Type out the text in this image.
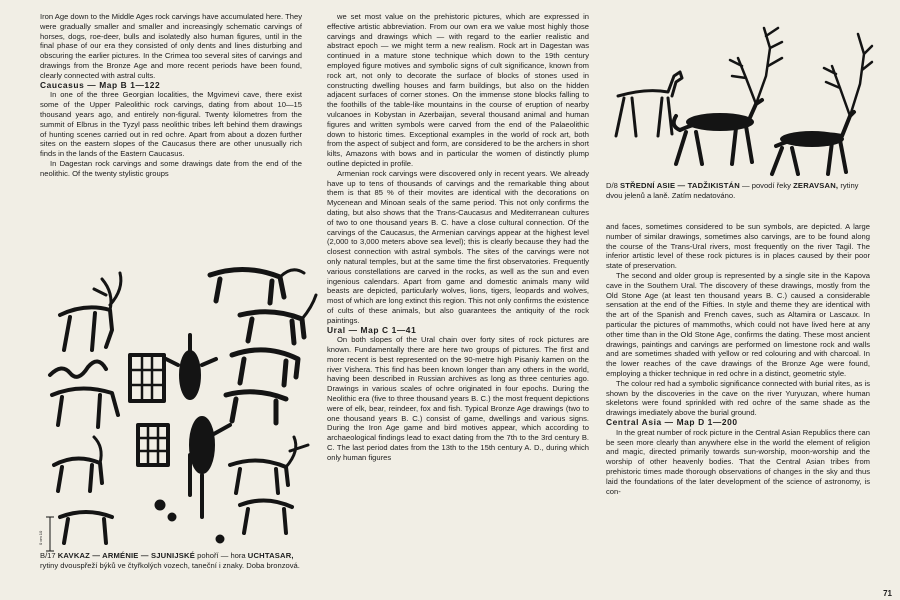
Iron Age down to the Middle Ages rock carvings have accumulated here. They were gradually smaller and smaller and increasingly schematic carvings of horses, dogs, roe-deer, bulls and isolatedly also human figures, until in the final phase of our era they consisted of only dents and lines disturbing and obscuring the earlier pictures. In the Crimea too several sites of carvings and drawings from the Bronze Age and more recent periods have been found, clearly connected with astral cults.

Caucasus — Map B 1—122

In one of the three Georgian localities, the Mgvimevi cave, there exist some of the Upper Paleolithic rock carvings, dating from about 10—15 thousand years ago, and entirely non-figural. Twenty kilometres from the summit of Elbrus in the Tyzyl pass neolithic tribes left behind them drawings of hunting scenes carried out in red ochre. Apart from about a dozen further sites on the eastern slopes of the Caucasus there are other unusually rich finds in the lands of the Eastern Caucasus.

In Dagestan rock carvings and some drawings date from the end of the neolithic. Of the twenty stylistic groups

0 cm 10
B/17 KAVKAZ — ARMÉNIE — SJUNIJSKÉ pohoří — hora UCHTASAR, rytiny dvouspřeží býků ve čtyřkolých vozech, taneční i znaky. Doba bronzová.

we set most value on the prehistoric pictures, which are expressed in effective artistic abbreviation. From our own era we value most highly those carvings and drawings which — with regard to the earlier realistic and abstract epoch — we might term a new realism. Rock art in Dagestan was continued in a mature stone technique which down to the 19th century employed figure motives and symbolic signs of cult significance, known from rock art, not only to decorate the surface of blocks of stones used in constructing dwelling houses and farm buildings, but also on the hidden adjacent surfaces of corner stones. On the immense stone blocks falling to the foothills of the table-like mountains in the course of eruption of nearby vulcanoes in Kobystan in Azerbaijan, several thousand animal and human figures and written symbols were carved from the end of the Palaeolithic down to historic times. Exceptional examples in the world of rock art, both from the aspect of subject and form, are considered to be the archers in short kilts, Amazons with bows and in particular the women of distinctly plump outline depicted in profile.

Armenian rock carvings were discovered only in recent years. We already have up to tens of thousands of carvings and the remarkable thing about them is that 85 % of their movites are identical with the decorations on Mycenean and Minoan seals of the same period. This not only confirms the dating, but also shows that the Trans-Caucasus and Mediterranean cultures of two to one thousand years B. C. have a close cultural connection. Of the carvings of the Caucasus, the Armenian carvings appear at the highest level (2,000 to 3,000 meters above sea level); this is clearly because they had the closest connection with astral symbols. The sites of the carvings were not only natural temples, but at the same time the first observatories. Frequently various constellations are carved in the rocks, as well as the sun and even ingenious calendars. Apart from game and domestic animals many wild beasts are depicted, particularly wolves, lions, tigers, leopards and wolves, most of which are long extinct this region. This not only confirms the existence of cults of these animals, but also guarantees the antiquity of the rock paintings.

Ural — Map C 1—41

On both slopes of the Ural chain over forty sites of rock pictures are known. Fundamentally there are here two groups of pictures. The first and more recent is best represented on the 90-metre high Pisaniy kamen on the river Vishera. This find has been known longer than any others in the world, having been described in Russian archives as long as three centuries ago. Drawings in various scales of ochre originated in four epochs. During the Neolithic era (five to three thousand years B. C.) the most frequent depictions were of elk, bear, reindeer, fox and fish. Typical Bronze Age drawings (two to one thousand years B. C.) consist of game, dwellings and various signs. During the Iron Age game and bird motives appear, which according to archaeological findings lead to exact dating from the 7th to the 3rd century B. C. The last period dates from the 13th to the 15th century A. D., during which only human figures

D/8 STŘEDNÍ ASIE — TADŽIKISTÁN — povodí řeky ZERAVSAN, rytiny dvou jelenů a laně. Zatím nedatováno.

and faces, sometimes considered to be sun symbols, are depicted. A large number of similar drawings, sometimes also carvings, are to be found along the course of the Trans-Ural rivers, most frequently on the river Tagil. The inferior artistic level of these rock pictures is in places caused by their poor state of preservation.

The second and older group is represented by a single site in the Kapova cave in the Southern Ural. The discovery of these drawings, mostly from the Old Stone Age (at least ten thousand years B. C.) caused a considerable sensation at the end of the Fifties. In style and theme they are identical with the art of the Spanish and French caves, such as Altamira or Lascaux. In particular the pictures of mammoths, which could not have lived here at any other time than in the Old Stone Age, confirms the dating. These most ancient drawings, paintings and carvings are performed on limestone rock and walls and are sometimes shaded with yellow or red colouring and with charcoal. In the lower reaches of the cave drawings of the Bronze Age were found, employing a thicker technique in red ochre in a distinct, geometric style.

The colour red had a symbolic significance connected with burial rites, as is shown by the discoveries in the cave on the river Yuryuzan, where human skeletons were found sprinkled with red ochre of the same shade as the drawings imediately above the burial ground.

Central Asia — Map D 1—200

In the great number of rock picture in the Central Asian Republics there can be seen more clearly than anywhere else in the world the element of religion and magic, directed primarily towards sun-worship, moon-worship and the worship of other heavenly bodies. That the Central Asian tribes from prehistoric times made thorough observations of changes in the sky and thus laid the foundations of the later development of the science of astronomy, is con-

71
